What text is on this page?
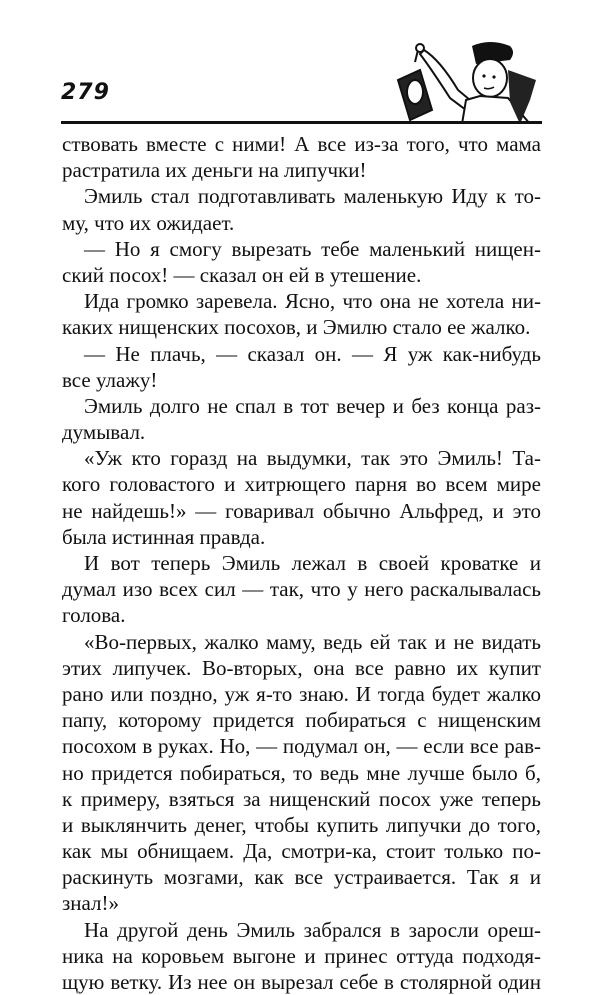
279
ствовать вместе с ними! А все из-за того, что мама
растратила их деньги на липучки!
Эмиль стал подготавливать маленькую Иду к то-
му, что их ожидает.
— Но я смогу вырезать тебе маленький нищен-
ский посох! — сказал он ей в утешение.
Ида громко заревела. Ясно, что она не хотела ни-
каких нищенских посохов, и Эмилю стало ее жалко.
— Не плачь, — сказал он. — Я уж как-нибудь
все улажу!
Эмиль долго не спал в тот вечер и без конца раз-
думывал.
«Уж кто горазд на выдумки, так это Эмиль! Та-
кого головастого и хитрющего парня во всем мире
не найдешь!» — говаривал обычно Альфред, и это
была истинная правда.
И вот теперь Эмиль лежал в своей кроватке и
думал изо всех сил — так, что у него раскалывалась
голова.
«Во-первых, жалко маму, ведь ей так и не видать
этих липучек. Во-вторых, она все равно их купит
рано или поздно, уж я-то знаю. И тогда будет жалко
папу, которому придется побираться с нищенским
посохом в руках. Но, — подумал он, — если все рав-
но придется побираться, то ведь мне лучше было б,
к примеру, взяться за нищенский посох уже теперь
и выклянчить денег, чтобы купить липучки до того,
как мы обнищаем. Да, смотри-ка, стоит только по-
раскинуть мозгами, как все устраивается. Так я и
знал!»
На другой день Эмиль забрался в заросли ореш-
ника на коровьем выгоне и принес оттуда подходя-
щую ветку. Из нее он вырезал себе в столярной один
